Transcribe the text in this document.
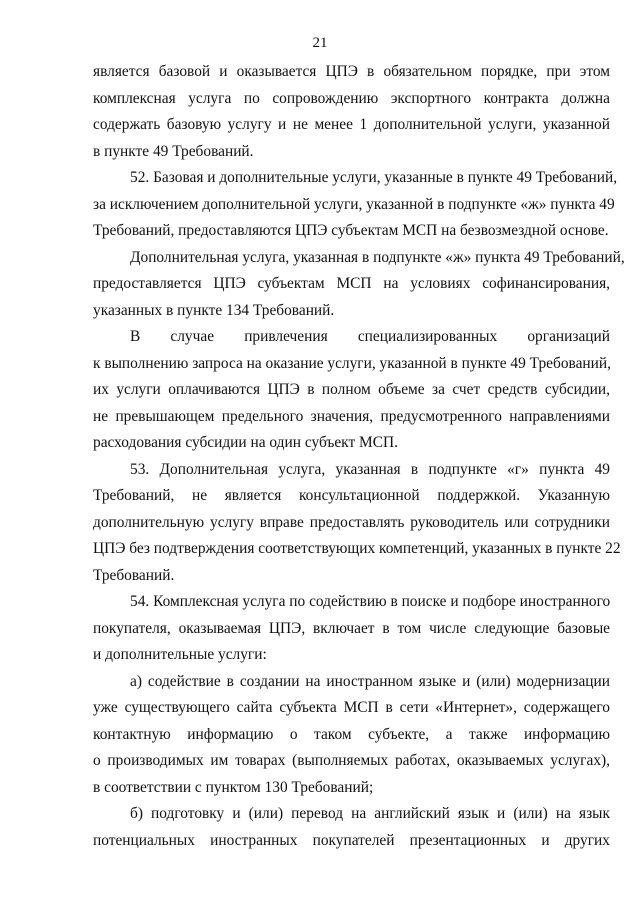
21
является базовой и оказывается ЦПЭ в обязательном порядке, при этом
комплексная услуга по сопровождению экспортного контракта должна
содержать базовую услугу и не менее 1 дополнительной услуги, указанной
в пункте 49 Требований.
52. Базовая и дополнительные услуги, указанные в пункте 49 Требований,
за исключением дополнительной услуги, указанной в подпункте «ж» пункта 49
Требований, предоставляются ЦПЭ субъектам МСП на безвозмездной основе.
Дополнительная услуга, указанная в подпункте «ж» пункта 49 Требований,
предоставляется ЦПЭ субъектам МСП на условиях софинансирования,
указанных в пункте 134 Требований.
В случае привлечения специализированных организаций
к выполнению запроса на оказание услуги, указанной в пункте 49 Требований,
их услуги оплачиваются ЦПЭ в полном объеме за счет средств субсидии,
не превышающем предельного значения, предусмотренного направлениями
расходования субсидии на один субъект МСП.
53. Дополнительная услуга, указанная в подпункте «г» пункта 49
Требований, не является консультационной поддержкой. Указанную
дополнительную услугу вправе предоставлять руководитель или сотрудники
ЦПЭ без подтверждения соответствующих компетенций, указанных в пункте 22
Требований.
54. Комплексная услуга по содействию в поиске и подборе иностранного
покупателя, оказываемая ЦПЭ, включает в том числе следующие базовые
и дополнительные услуги:
а) содействие в создании на иностранном языке и (или) модернизации
уже существующего сайта субъекта МСП в сети «Интернет», содержащего
контактную информацию о таком субъекте, а также информацию
о производимых им товарах (выполняемых работах, оказываемых услугах),
в соответствии с пунктом 130 Требований;
б) подготовку и (или) перевод на английский язык и (или) на язык
потенциальных иностранных покупателей презентационных и других
